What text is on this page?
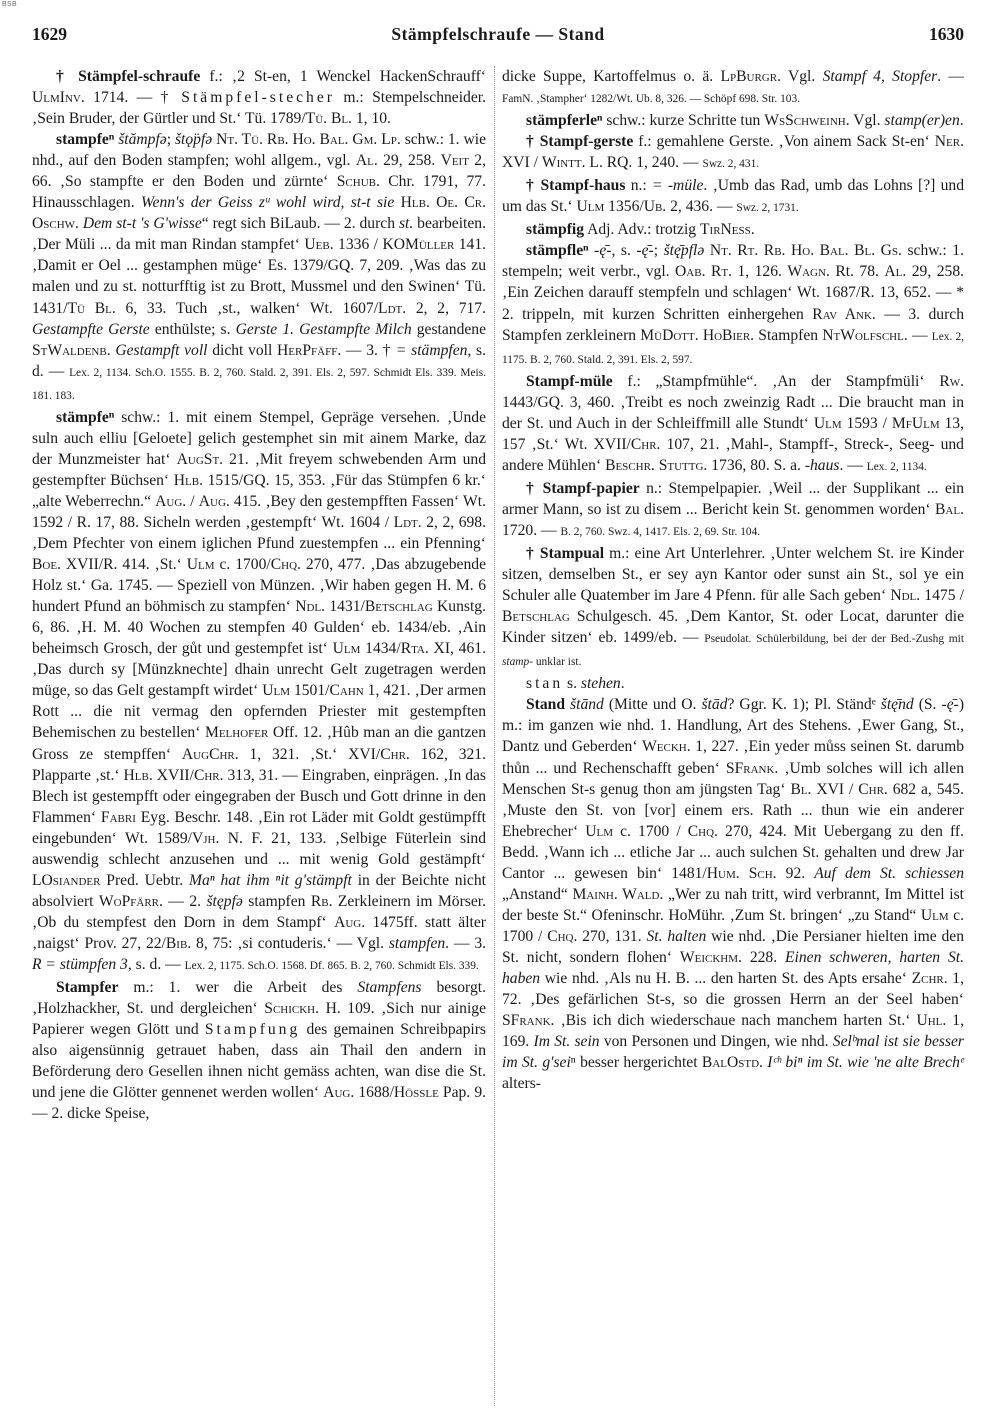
BSB
1629	Stämpfelschraufe — Stand	1630

† Stämpfel-schraufe f.: ‚2 St-en, 1 Wenckel HackenSchrauff‘ UlmInv. 1714. — † Stämpfel-stecher m.: Stempelschneider. ‚Sein Bruder, der Gürtler und St.‘ Tü. 1789/Tü. Bl. 1, 10.

stampfeⁿ štămpfə; štǫ̈pfə Nt. Tü. Rb. Ho. Bal. Gm. Lp. schw.: 1. wie nhd., auf den Boden stampfen; wohl allgem., vgl. Al. 29, 258. Veit 2, 66. ‚So stampfte er den Boden und zürnte‘ Schub. Chr. 1791, 77. Hinausschlagen. Wenn's der Geiss zᵘ wohl wird, st-t sie Hlb. Oe. Cr. Oschw. Dem st-t 's G'wisse“ regt sich BiLaub. — 2. durch st. bearbeiten. ‚Der Müli ... da mit man Rindan stampfet‘ Ueb. 1336 / KOMüller 141. ‚Damit er Oel ... gestamphen müge‘ Es. 1379/GQ. 7, 209. ‚Was das zu malen und zu st. notturfftig ist zu Brott, Mussmel und den Swinen‘ Tü. 1431/Tü Bl. 6, 33. Tuch ‚st., walken‘ Wt. 1607/Ldt. 2, 2, 717. Gestampfte Gerste enthülste; s. Gerste 1. Gestampfte Milch gestandene StWaldenb. Gestampft voll dicht voll HerPfäff. — 3. † = stämpfen, s. d. — Lex. 2, 1134. Sch.O. 1555. B. 2, 760. Stald. 2, 391. Els. 2, 597. Schmidt Els. 339. Meis. 181. 183.

stämpfeⁿ schw.: 1. mit einem Stempel, Gepräge versehen. ‚Unde suln auch elliu [Geloete] gelich gestemphet sin mit ainem Marke, daz der Munzmeister hat‘ AugSt. 21. ‚Mit freyem schwebenden Arm und gestempfter Büchsen‘ Hlb. 1515/GQ. 15, 353. ‚Für das Stümpfen 6 kr.‘ „alte Weberrechn.“ Aug. / Aug. 415. ‚Bey den gestempfften Fassen‘ Wt. 1592 / R. 17, 88. Sicheln werden ‚gestempft‘ Wt. 1604 / Ldt. 2, 2, 698. ‚Dem Pfechter von einem iglichen Pfund zuestempfen ... ein Pfenning‘ Boe. XVII/R. 414. ‚St.‘ Ulm c. 1700/Chq. 270, 477. ‚Das abzugebende Holz st.‘ Ga. 1745. — Speziell von Münzen. ‚Wir haben gegen H. M. 6 hundert Pfund an böhmisch zu stampfen‘ Ndl. 1431/Betschlag Kunstg. 6, 86. ‚H. M. 40 Wochen zu stempfen 40 Gulden‘ eb. 1434/eb. ‚Ain beheimsch Grosch, der gůt und gestempfet ist‘ Ulm 1434/Rta. XI, 461. ‚Das durch sy [Münzknechte] dhain unrecht Gelt zugetragen werden müge, so das Gelt gestampft wirdet‘ Ulm 1501/Cahn 1, 421. ‚Der armen Rott ... die nit vermag den opfernden Priester mit gestempften Behemischen zu bestellen‘ Melhofer Off. 12. ‚Hûb man an die gantzen Gross ze stempffen‘ AugChr. 1, 321. ‚St.‘ XVI/Chr. 162, 321. Plapparte ‚st.‘ Hlb. XVII/Chr. 313, 31. — Eingraben, einprägen. ‚In das Blech ist gestempfft oder eingegraben der Busch und Gott drinne in den Flammen‘ Fabri Eyg. Beschr. 148. ‚Ein rot Läder mit Goldt gestümpfft eingebunden‘ Wt. 1589/Vjh. N. F. 21, 133. ‚Selbige Füterlein sind auswendig schlecht anzusehen und ... mit wenig Gold gestämpft‘ LOsiander Pred. Uebtr. Maⁿ hat ihm ⁿit g'stämpft in der Beichte nicht absolviert WoPfärr. — 2. štępfə stampfen Rb. Zerkleinern im Mörser. ‚Ob du stempfest den Dorn in dem Stampf‘ Aug. 1475ff. statt älter ‚naigst‘ Prov. 27, 22/Bib. 8, 75: ‚si contuderis.‘ — Vgl. stampfen. — 3. R = stümpfen 3, s. d. — Lex. 2, 1175. Sch.O. 1568. Df. 865. B. 2, 760. Schmidt Els. 339.

Stampfer m.: 1. wer die Arbeit des Stampfens besorgt. ‚Holzhackher, St. und dergleichen‘ Schickh. H. 109. ‚Sich nur ainige Papierer wegen Glött und Stampfung des gemainen Schreibpapirs also aigensünnig getrauet haben, dass ain Thail den andern in Beförderung dero Gesellen ihnen nicht gemäss achten, wan dise die St. und jene die Glötter gennenet werden wollen‘ Aug. 1688/Hössle Pap. 9. — 2. dicke Speise,

dicke Suppe, Kartoffelmus o. ä. LpBurgr. Vgl. Stampf 4, Stopfer. — FamN. ‚Stampher‘ 1282/Wt. Ub. 8, 326. — Schöpf 698. Str. 103.

stämpferleⁿ schw.: kurze Schritte tun WsSchweinh. Vgl. stamp(er)en.

† Stampf-gerste f.: gemahlene Gerste. ‚Von ainem Sack St-en‘ Ner. XVI / Wintt. L. RQ. 1, 240. — Swz. 2, 431.

† Stampf-haus n.: = -müle. ‚Umb das Rad, umb das Lohns [?] und um das St.‘ Ulm 1356/Ub. 2, 436. — Swz. 2, 1731.

stämpfig Adj. Adv.: trotzig TirNess.

stämpfleⁿ -ę̄-, s. -ę̄-; štę̄pflə Nt. Rt. Rb. Ho. Bal. Bl. Gs. schw.: 1. stempeln; weit verbr., vgl. Oab. Rt. 1, 126. Wagn. Rt. 78. Al. 29, 258. ‚Ein Zeichen darauff stempfeln und schlagen‘ Wt. 1687/R. 13, 652. — * 2. trippeln, mit kurzen Schritten einhergehen Rav Ank. — 3. durch Stampfen zerkleinern MüDott. HoBier. Stampfen NtWolfschl. — Lex. 2, 1175. B. 2, 760. Stald. 2, 391. Els. 2, 597.

Stampf-müle f.: „Stampfmühle“. ‚An der Stampfmüli‘ Rw. 1443/GQ. 3, 460. ‚Treibt es noch zweinzig Radt ... Die braucht man in der St. und Auch in der Schleiffmill alle Stundt‘ Ulm 1593 / MfUlm 13, 157 ‚St.‘ Wt. XVII/Chr. 107, 21. ‚Mahl-, Stampff-, Streck-, Seeg- und andere Mühlen‘ Beschr. Stuttg. 1736, 80. S. a. -haus. — Lex. 2, 1134.

† Stampf-papier n.: Stempelpapier. ‚Weil ... der Supplikant ... ein armer Mann, so ist zu disem ... Bericht kein St. genommen worden‘ Bal. 1720. — B. 2, 760. Swz. 4, 1417. Els. 2, 69. Str. 104.

† Stampual m.: eine Art Unterlehrer. ‚Unter welchem St. ire Kinder sitzen, demselben St., er sey ayn Kantor oder sunst ain St., sol ye ein Schuler alle Quatember im Jare 4 Pfenn. für alle Sach geben‘ Ndl. 1475 / Betschlag Schulgesch. 45. ‚Dem Kantor, St. oder Locat, darunter die Kinder sitzen‘ eb. 1499/eb. — Pseudolat. Schülerbildung, bei der der Bed.-Zushg mit stamp- unklar ist.

stan s. stehen.

Stand štānd (Mitte und O. štād? Ggr. K. 1); Pl. Ständᵉ štę̄nd (S. -ę̄-) m.: im ganzen wie nhd. 1. Handlung, Art des Stehens. ‚Ewer Gang, St., Dantz und Geberden‘ Weckh. 1, 227. ‚Ein yeder můss seinen St. darumb thůn ... und Rechenschafft geben‘ SFrank. ‚Umb solches will ich allen Menschen St-s genug thon am jüngsten Tag‘ Bl. XVI / Chr. 682 a, 545. ‚Muste den St. von [vor] einem ers. Rath ... thun wie ein anderer Ehebrecher‘ Ulm c. 1700 / Chq. 270, 424. Mit Uebergang zu den ff. Bedd. ‚Wann ich ... etliche Jar ... auch sulchen St. gehalten und drew Jar Cantor ... gewesen bin‘ 1481/Hum. Sch. 92. Auf dem St. schiessen „Anstand“ Mainh. Wald. „Wer zu nah tritt, wird verbrannt, Im Mittel ist der beste St.“ Ofeninschr. HoMühr. ‚Zum St. bringen‘ „zu Stand“ Ulm c. 1700 / Chq. 270, 131. St. halten wie nhd. ‚Die Persianer hielten ime den St. nicht, sondern flohen‘ Weickhm. 228. Einen schweren, harten St. haben wie nhd. ‚Als nu H. B. ... den harten St. des Apts ersahe‘ Zchr. 1, 72. ‚Des gefärlichen St-s, so die grossen Herrn an der Seel haben‘ SFrank. ‚Bis ich dich wiederschaue nach manchem harten St.‘ Uhl. 1, 169. Im St. sein von Personen und Dingen, wie nhd. Selᵇmal ist sie besser im St. g'seiⁿ besser hergerichtet BalOstd. Iᶜʰ biⁿ im St. wie 'ne alte Brechᵉ alters-
